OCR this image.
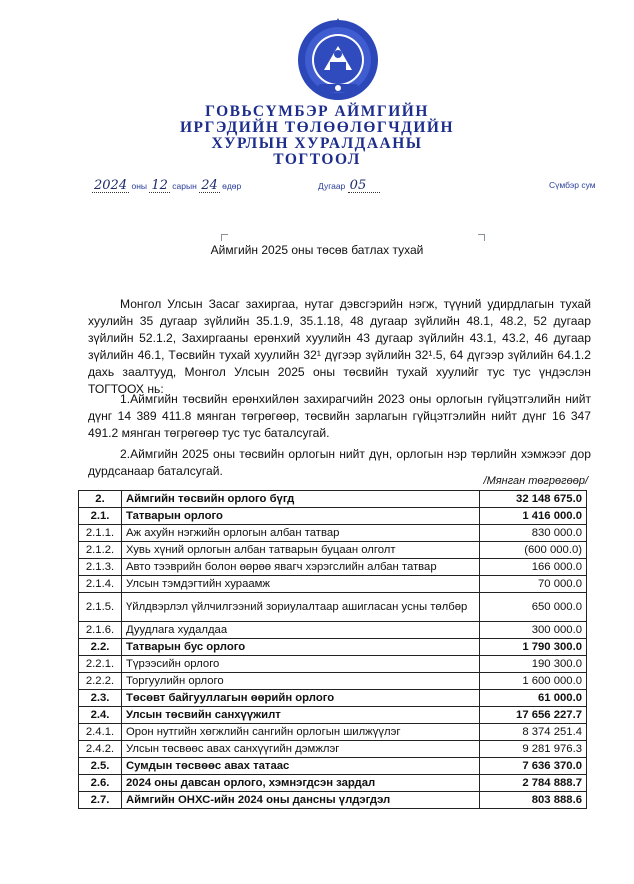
ГОВЬСҮМБЭР АЙМГИЙН
ИРГЭДИЙН ТӨЛӨӨЛӨГЧДИЙН
ХУРЛЫН ХУРАЛДААНЫ
ТОГТООЛ
2024 оны 12 сарын 24 өдөр	Дугаар 05	Сүмбэр сум
Аймгийн 2025 оны төсөв батлах тухай
Монгол Улсын Засаг захиргаа, нутаг дэвсгэрийн нэгж, түүний удирдлагын тухай хуулийн 35 дугаар зүйлийн 35.1.9, 35.1.18, 48 дугаар зүйлийн 48.1, 48.2, 52 дугаар зүйлийн 52.1.2, Захиргааны ерөнхий хуулийн 43 дугаар зүйлийн 43.1, 43.2, 46 дугаар зүйлийн 46.1, Төсвийн тухай хуулийн 32¹ дүгээр зүйлийн 32¹.5, 64 дүгээр зүйлийн 64.1.2 дахь заалтууд, Монгол Улсын 2025 оны төсвийн тухай хуулийг тус тус үндэслэн ТОГТООХ нь:
1.Аймгийн төсвийн ерөнхийлөн захирагчийн 2023 оны орлогын гүйцэтгэлийн нийт дүнг 14 389 411.8 мянган төгрөгөөр, төсвийн зарлагын гүйцэтгэлийн нийт дүнг 16 347 491.2 мянган төгрөгөөр тус тус баталсугай.
2.Аймгийн 2025 оны төсвийн орлогын нийт дүн, орлогын нэр төрлийн хэмжээг дор дурдсанаар баталсугай.
/Мянган төгрөгөөр/
2.	Аймгийн төсвийн орлого бүгд	32 148 675.0
2.1.	Татварын орлого	1 416 000.0
2.1.1.	Аж ахуйн нэгжийн орлогын албан татвар	830 000.0
2.1.2.	Хувь хүний орлогын албан татварын буцаан олголт	(600 000.0)
2.1.3.	Авто тээврийн болон өөрөө явагч хэрэгслийн албан татвар	166 000.0
2.1.4.	Улсын тэмдэгтийн хураамж	70 000.0
2.1.5.	Үйлдвэрлэл үйлчилгээний зориулалтаар ашигласан усны төлбөр	650 000.0
2.1.6.	Дуудлага худалдаа	300 000.0
2.2.	Татварын бус орлого	1 790 300.0
2.2.1.	Түрээсийн орлого	190 300.0
2.2.2.	Торгуулийн орлого	1 600 000.0
2.3.	Төсөвт байгууллагын өөрийн орлого	61 000.0
2.4.	Улсын төсвийн санхүүжилт	17 656 227.7
2.4.1.	Орон нутгийн хөгжлийн сангийн орлогын шилжүүлэг	8 374 251.4
2.4.2.	Улсын төсвөөс авах санхүүгийн дэмжлэг	9 281 976.3
2.5.	Сумдын төсвөөс авах татаас	7 636 370.0
2.6.	2024 оны давсан орлого, хэмнэгдсэн зардал	2 784 888.7
2.7.	Аймгийн ОНХС-ийн 2024 оны дансны үлдэгдэл	803 888.6
